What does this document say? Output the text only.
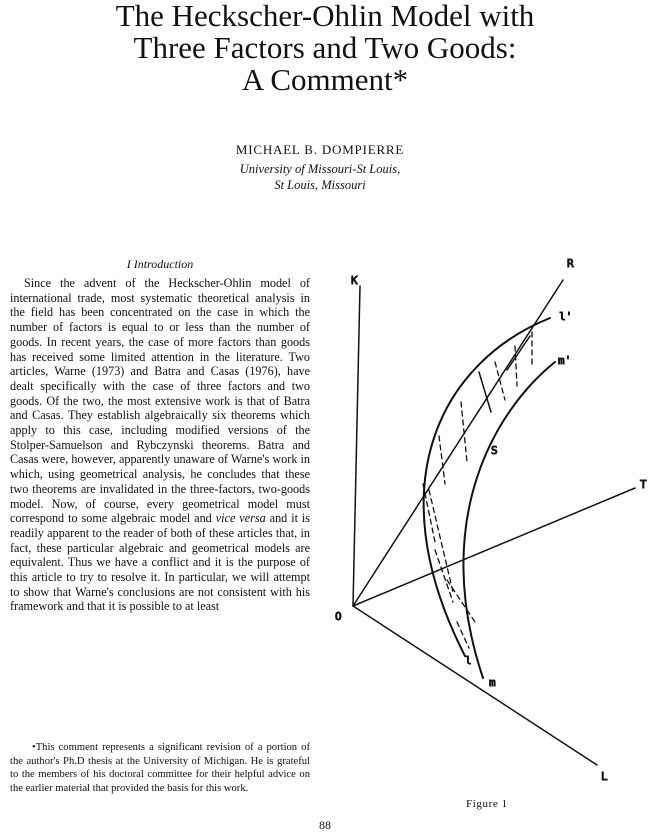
The Heckscher-Ohlin Model with
Three Factors and Two Goods:
A Comment*
MICHAEL B. DOMPIERRE
University of Missouri-St Louis,
St Louis, Missouri
I Introduction

Since the advent of the Heckscher-Ohlin model of international trade, most systematic theoretical analysis in the field has been concentrated on the case in which the number of factors is equal to or less than the number of goods. In recent years, the case of more factors than goods has received some limited attention in the literature. Two articles, Warne (1973) and Batra and Casas (1976), have dealt specifically with the case of three factors and two goods. Of the two, the most extensive work is that of Batra and Casas. They establish algebraically six theorems which apply to this case, including modified versions of the Stolper-Samuelson and Rybczynski theorems. Batra and Casas were, however, apparently unaware of Warne's work in which, using geometrical analysis, he concludes that these two theorems are invalidated in the three-factors, two-goods model. Now, of course, every geometrical model must correspond to some algebraic model and vice versa and it is readily apparent to the reader of both of these articles that, in fact, these particular algebraic and geometrical models are equivalent. Thus we have a conflict and it is the purpose of this article to try to resolve it. In particular, we will attempt to show that Warne's conclusions are not consistent with his framework and that it is possible to at least

•This comment represents a significant revision of a portion of the author's Ph.D thesis at the University of Michigan. He is grateful to the members of his doctoral committee for their helpful advice on the earlier material that provided the basis for this work.

K
R
l'
m'
S
T
O
l
m
L
Figure 1
88
